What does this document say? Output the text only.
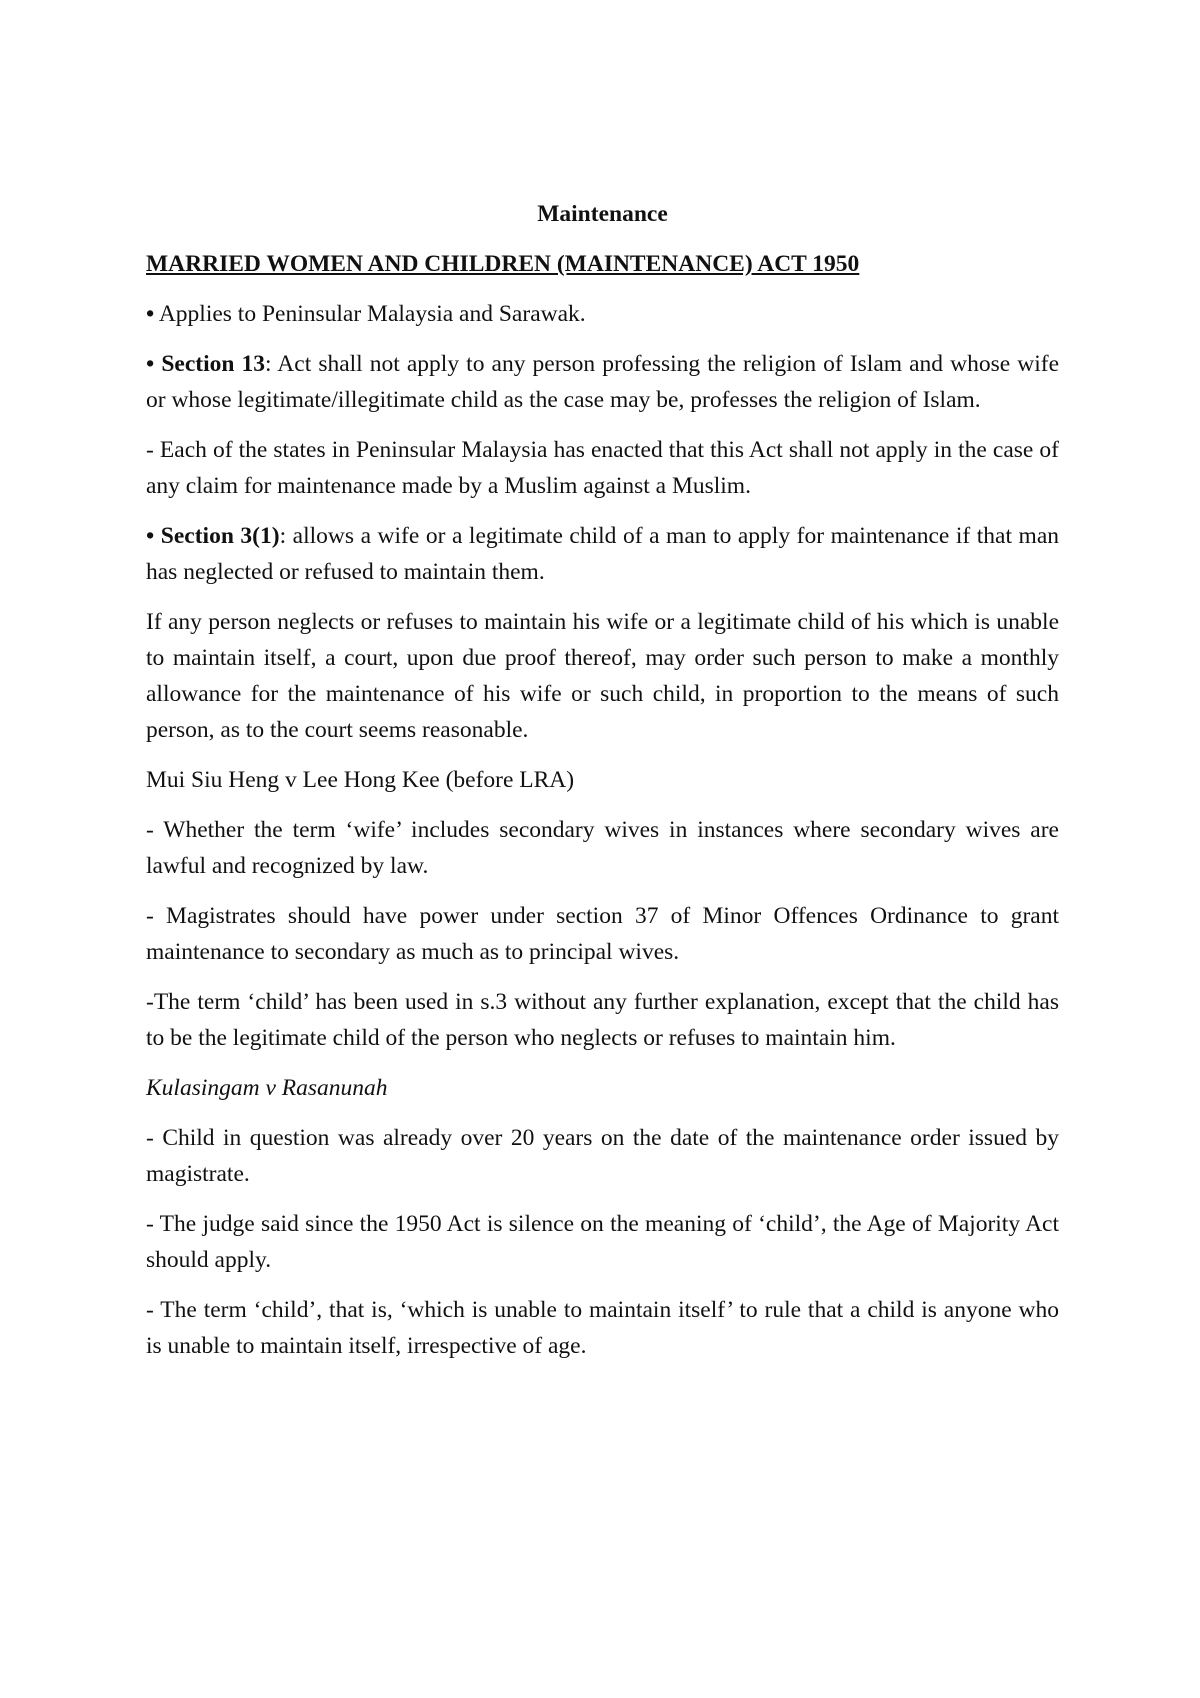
Maintenance
MARRIED WOMEN AND CHILDREN (MAINTENANCE) ACT 1950

• Applies to Peninsular Malaysia and Sarawak.

• Section 13: Act shall not apply to any person professing the religion of Islam and whose wife or whose legitimate/illegitimate child as the case may be, professes the religion of Islam.

- Each of the states in Peninsular Malaysia has enacted that this Act shall not apply in the case of any claim for maintenance made by a Muslim against a Muslim.

• Section 3(1): allows a wife or a legitimate child of a man to apply for maintenance if that man has neglected or refused to maintain them.

If any person neglects or refuses to maintain his wife or a legitimate child of his which is unable to maintain itself, a court, upon due proof thereof, may order such person to make a monthly allowance for the maintenance of his wife or such child, in proportion to the means of such person, as to the court seems reasonable.

Mui Siu Heng v Lee Hong Kee (before LRA)

- Whether the term ‘wife’ includes secondary wives in instances where secondary wives are lawful and recognized by law.

- Magistrates should have power under section 37 of Minor Offences Ordinance to grant maintenance to secondary as much as to principal wives.

-The term ‘child’ has been used in s.3 without any further explanation, except that the child has to be the legitimate child of the person who neglects or refuses to maintain him.

Kulasingam v Rasanunah

- Child in question was already over 20 years on the date of the maintenance order issued by magistrate.

- The judge said since the 1950 Act is silence on the meaning of ‘child’, the Age of Majority Act should apply.

- The term ‘child’, that is, ‘which is unable to maintain itself’ to rule that a child is anyone who is unable to maintain itself, irrespective of age.
